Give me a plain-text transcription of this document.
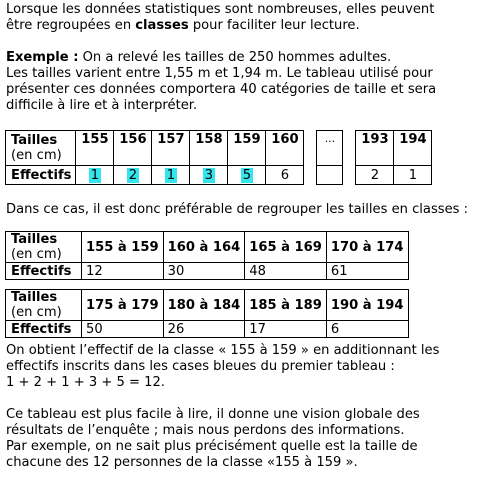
Lorsque les données statistiques sont nombreuses, elles peuvent

être regroupées en classes pour faciliter leur lecture.

Exemple : On a relevé les tailles de 250 hommes adultes.

Les tailles varient entre 1,55 m et 1,94 m. Le tableau utilisé pour

présenter ces données comportera 40 catégories de taille et sera

difficile à lire et à interpréter.

Tailles
(en cm)	155	156	157	158	159	160		...		193	194
Effectifs	1	2	1	3	5	6				2	1

Dans ce cas, il est donc préférable de regrouper les tailles en classes :

Tailles
(en cm)	155 à 159	160 à 164	165 à 169	170 à 174
Effectifs	12	30	48	61
Tailles
(en cm)	175 à 179	180 à 184	185 à 189	190 à 194
Effectifs	50	26	17	6

On obtient l’effectif de la classe « 155 à 159 » en additionnant les

effectifs inscrits dans les cases bleues du premier tableau :

1 + 2 + 1 + 3 + 5 = 12.

Ce tableau est plus facile à lire, il donne une vision globale des

résultats de l’enquête ; mais nous perdons des informations.

Par exemple, on ne sait plus précisément quelle est la taille de

chacune des 12 personnes de la classe «155 à 159 ».
